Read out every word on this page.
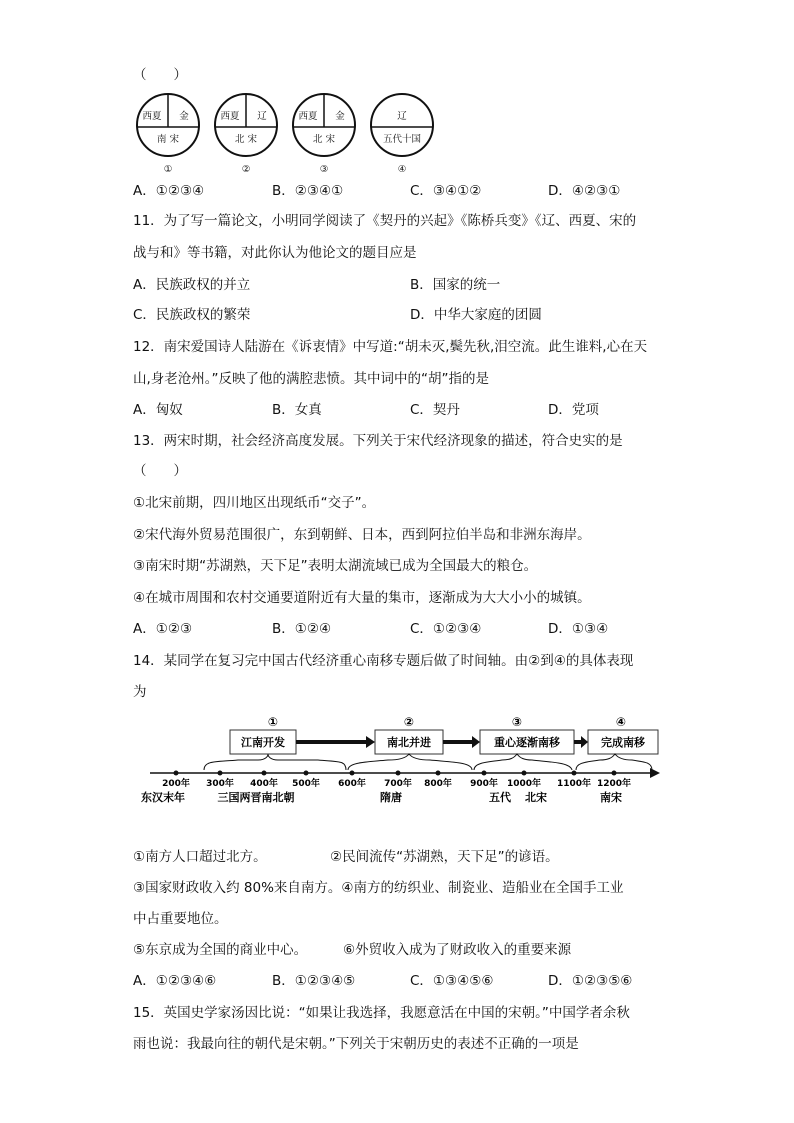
（　　）
西夏 金
南 宋
①
西夏 辽
北 宋
②
西夏 金
北 宋
③
辽
五代十国
④
A．①②③④	B．②③④①	C．③④①②	D．④②③①
11．为了写一篇论文，小明同学阅读了《契丹的兴起》《陈桥兵变》《辽、西夏、宋的
战与和》等书籍，对此你认为他论文的题目应是
A．民族政权的并立	B．国家的统一
C．民族政权的繁荣	D．中华大家庭的团圆
12．南宋爱国诗人陆游在《诉衷情》中写道:“胡未灭,鬓先秋,泪空流。此生谁料,心在天
山,身老沧州。”反映了他的满腔悲愤。其中词中的“胡”指的是
A．匈奴	B．女真	C．契丹	D．党项
13．两宋时期，社会经济高度发展。下列关于宋代经济现象的描述，符合史实的是
（　　）
①北宋前期，四川地区出现纸币“交子”。
②宋代海外贸易范围很广，东到朝鲜、日本，西到阿拉伯半岛和非洲东海岸。
③南宋时期“苏湖熟，天下足”表明太湖流域已成为全国最大的粮仓。
④在城市周围和农村交通要道附近有大量的集市，逐渐成为大大小小的城镇。
A．①②③	B．①②④	C．①②③④	D．①③④
14．某同学在复习完中国古代经济重心南移专题后做了时间轴。由②到④的具体表现
为
①	②	③	④
江南开发	南北并进	重心逐渐南移	完成南移
200年 300年 400年 500年 600年 700年 800年 900年 1000年 1100年 1200年
东汉末年	三国两晋南北朝	隋唐	五代 北宋	南宋
①南方人口超过北方。	②民间流传“苏湖熟，天下足”的谚语。
③国家财政收入约 80%来自南方。④南方的纺织业、制瓷业、造船业在全国手工业
中占重要地位。
⑤东京成为全国的商业中心。	⑥外贸收入成为了财政收入的重要来源
A．①②③④⑥	B．①②③④⑤	C．①③④⑤⑥	D．①②③⑤⑥
15．英国史学家汤因比说：“如果让我选择，我愿意活在中国的宋朝。”中国学者余秋
雨也说：我最向往的朝代是宋朝。”下列关于宋朝历史的表述不正确的一项是
